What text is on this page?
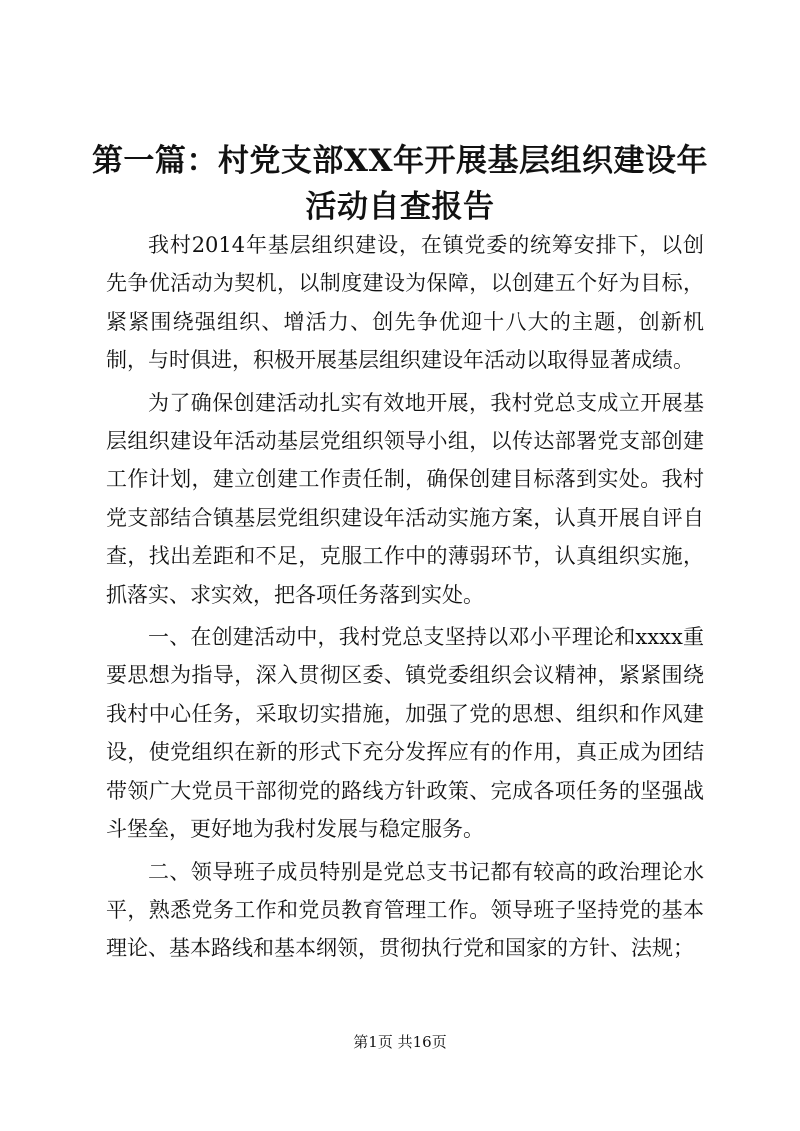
第一篇：村党支部XX年开展基层组织建设年
活动自查报告

我村2014年基层组织建设，在镇党委的统筹安排下，以创先争优活动为契机，以制度建设为保障，以创建五个好为目标，紧紧围绕强组织、增活力、创先争优迎十八大的主题，创新机制，与时俱进，积极开展基层组织建设年活动以取得显著成绩。

为了确保创建活动扎实有效地开展，我村党总支成立开展基层组织建设年活动基层党组织领导小组，以传达部署党支部创建工作计划，建立创建工作责任制，确保创建目标落到实处。我村党支部结合镇基层党组织建设年活动实施方案，认真开展自评自查，找出差距和不足，克服工作中的薄弱环节，认真组织实施，抓落实、求实效，把各项任务落到实处。

一、在创建活动中，我村党总支坚持以邓小平理论和xxxx重要思想为指导，深入贯彻区委、镇党委组织会议精神，紧紧围绕我村中心任务，采取切实措施，加强了党的思想、组织和作风建设，使党组织在新的形式下充分发挥应有的作用，真正成为团结带领广大党员干部彻党的路线方针政策、完成各项任务的坚强战斗堡垒，更好地为我村发展与稳定服务。

二、领导班子成员特别是党总支书记都有较高的政治理论水平，熟悉党务工作和党员教育管理工作。领导班子坚持党的基本理论、基本路线和基本纲领，贯彻执行党和国家的方针、法规；

第1页 共16页
